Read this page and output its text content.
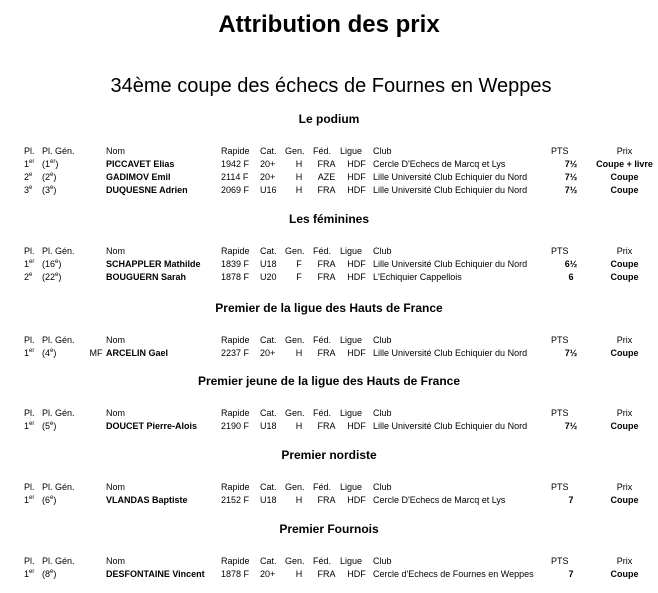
Attribution des prix
34ème coupe des échecs de Fournes en Weppes
Le podium
Pl.	Pl. Gén.		Nom	Rapide	Cat.	Gen.	Féd.	Ligue	Club	PTS	Prix
1er	(1er)		PICCAVET Elias	1942 F	20+	H	FRA	HDF	Cercle D'Echecs de Marcq et Lys	7½	Coupe + livre
2e	(2e)		GADIMOV Emil	2114 F	20+	H	AZE	HDF	Lille Université Club Echiquier du Nord	7½	Coupe
3e	(3e)		DUQUESNE Adrien	2069 F	U16	H	FRA	HDF	Lille Université Club Echiquier du Nord	7½	Coupe
Les féminines
Pl.	Pl. Gén.		Nom	Rapide	Cat.	Gen.	Féd.	Ligue	Club	PTS	Prix
1er	(16e)		SCHAPPLER Mathilde	1839 F	U18	F	FRA	HDF	Lille Université Club Echiquier du Nord	6½	Coupe
2e	(22e)		BOUGUERN Sarah	1878 F	U20	F	FRA	HDF	L'Echiquier Cappellois	6	Coupe
Premier de la ligue des Hauts de France
Pl.	Pl. Gén.		Nom	Rapide	Cat.	Gen.	Féd.	Ligue	Club	PTS	Prix
1er	(4e)	MF	ARCELIN Gael	2237 F	20+	H	FRA	HDF	Lille Université Club Echiquier du Nord	7½	Coupe
Premier jeune de la ligue des Hauts de France
Pl.	Pl. Gén.		Nom	Rapide	Cat.	Gen.	Féd.	Ligue	Club	PTS	Prix
1er	(5e)		DOUCET Pierre-Alois	2190 F	U18	H	FRA	HDF	Lille Université Club Echiquier du Nord	7½	Coupe
Premier nordiste
Pl.	Pl. Gén.		Nom	Rapide	Cat.	Gen.	Féd.	Ligue	Club	PTS	Prix
1er	(6e)		VLANDAS Baptiste	2152 F	U18	H	FRA	HDF	Cercle D'Echecs de Marcq et Lys	7	Coupe
Premier Fournois
Pl.	Pl. Gén.		Nom	Rapide	Cat.	Gen.	Féd.	Ligue	Club	PTS	Prix
1er	(8e)		DESFONTAINE Vincent	1878 F	20+	H	FRA	HDF	Cercle d'Echecs de Fournes en Weppes	7	Coupe
